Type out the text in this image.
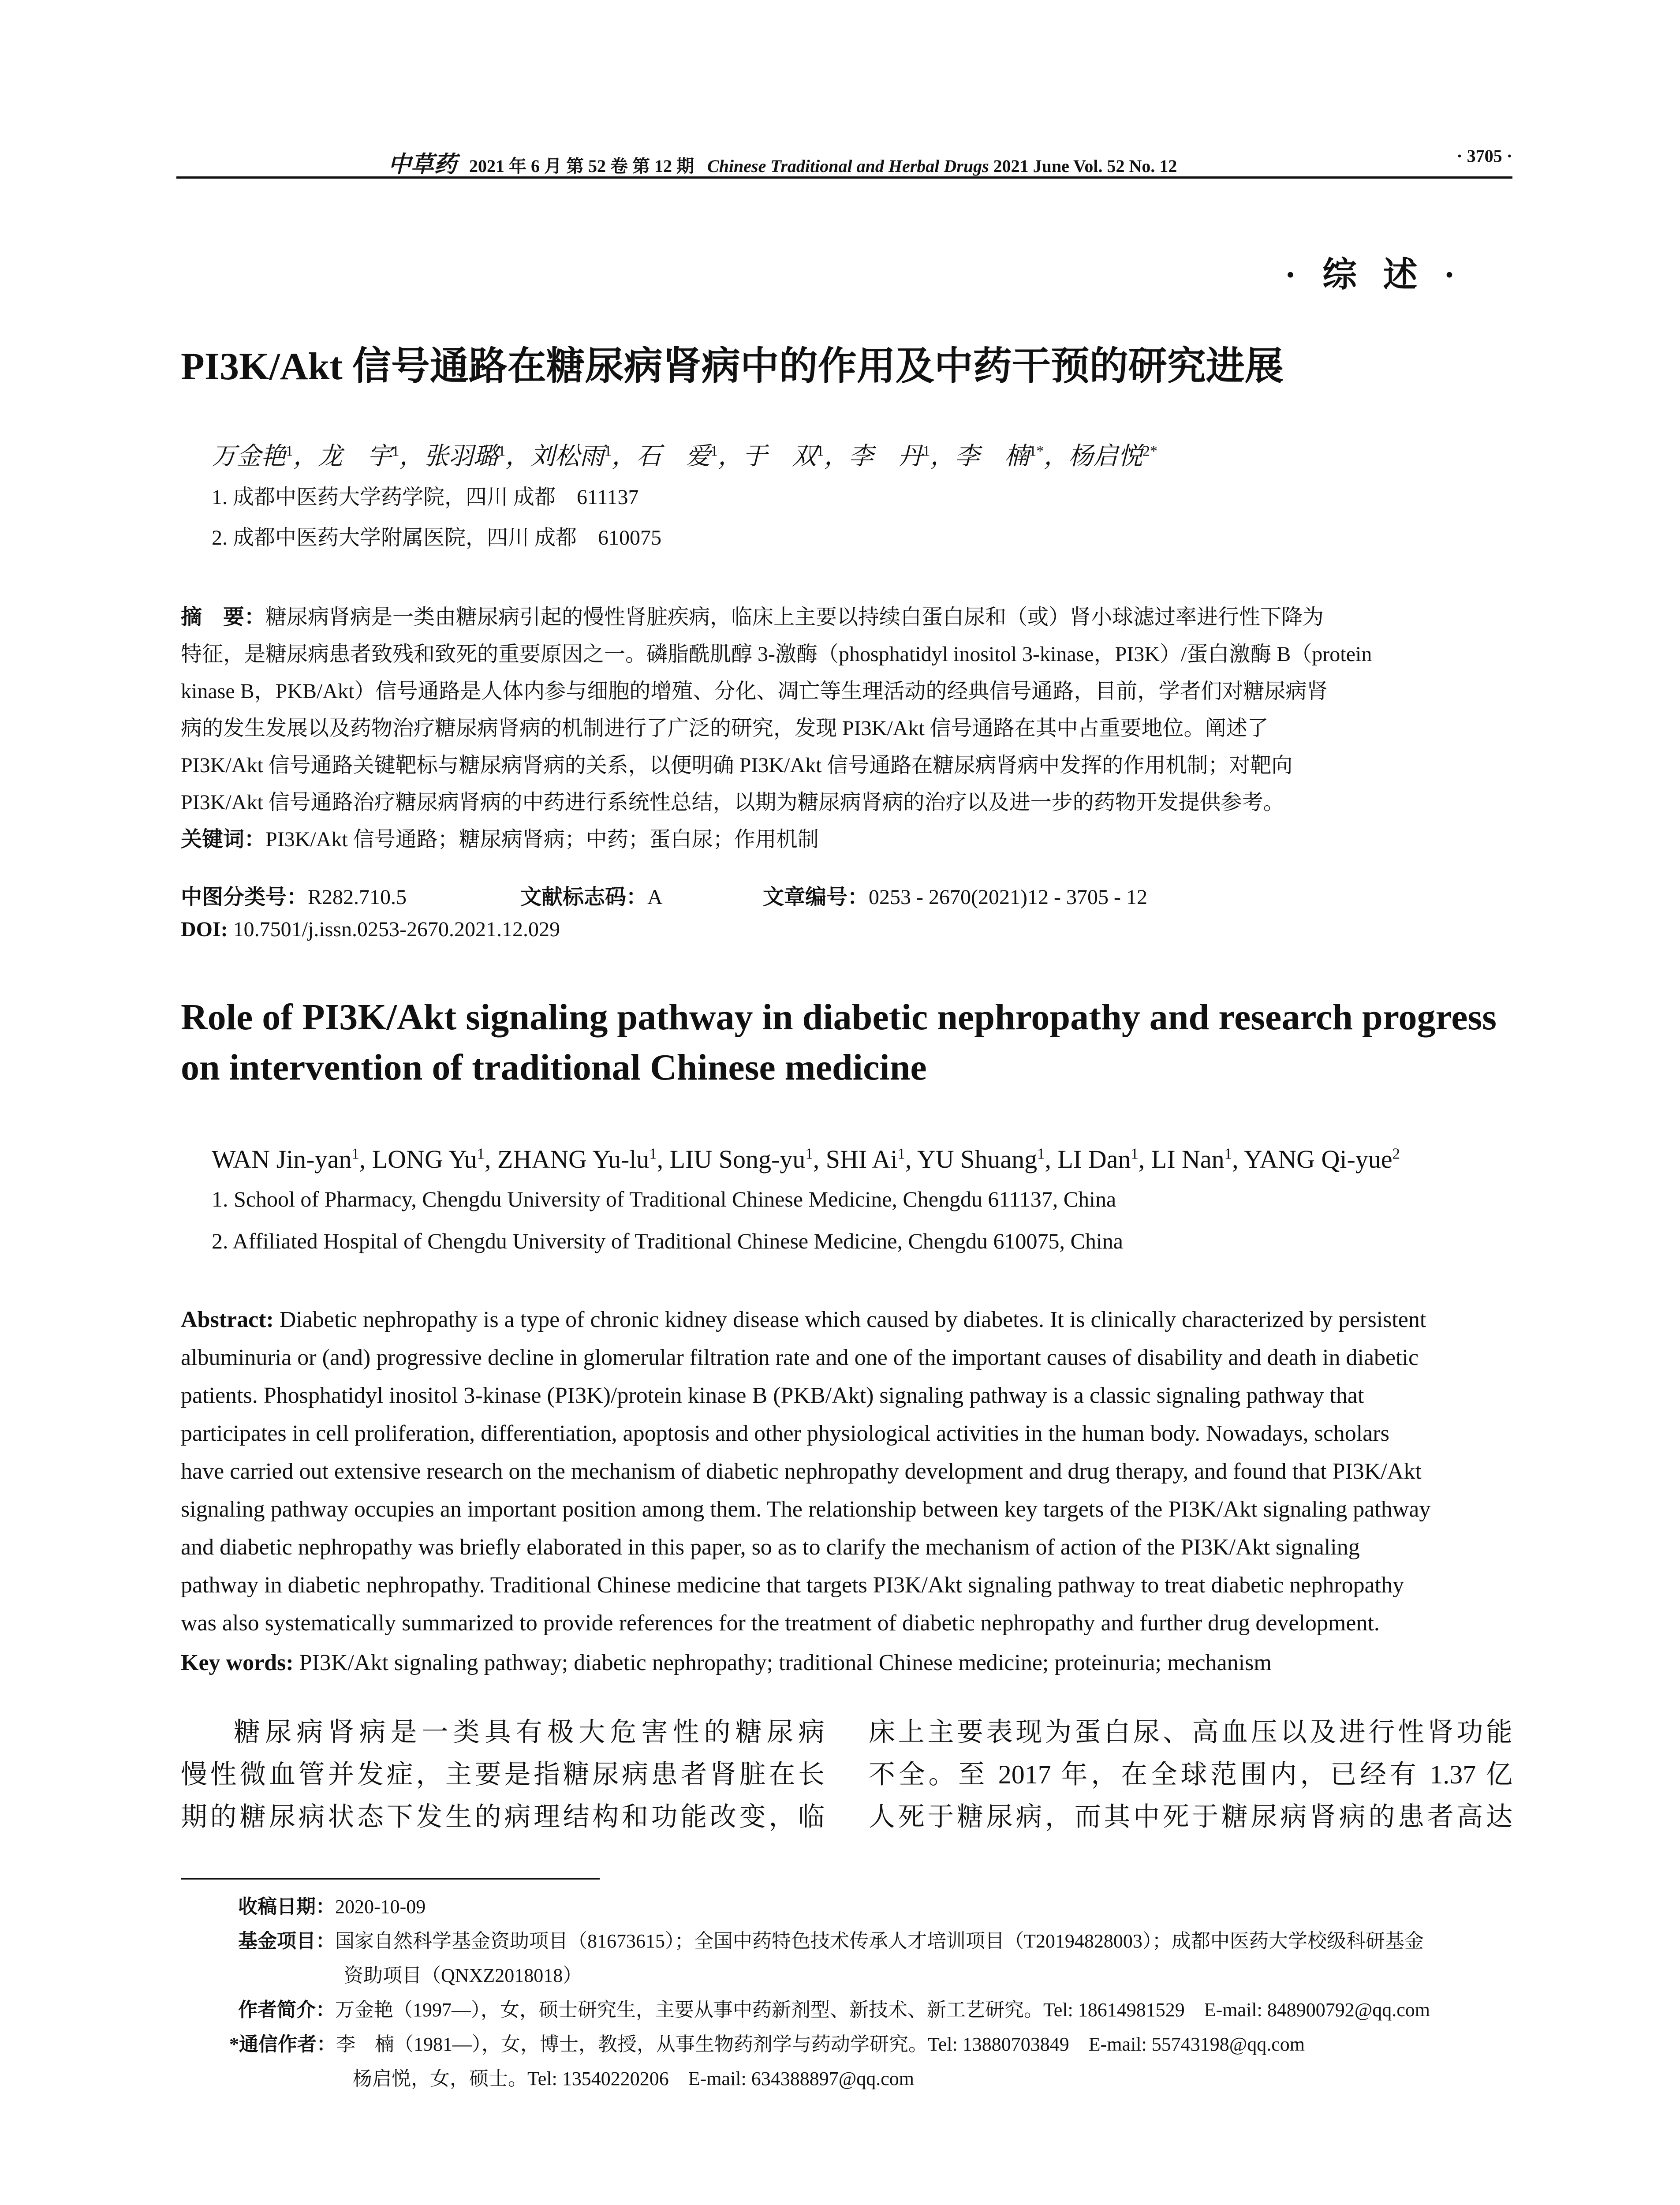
中草药 2021 年 6 月 第 52 卷 第 12 期 Chinese Traditional and Herbal Drugs 2021 June Vol. 52 No. 12
· 3705 ·
· 综 述 ·
PI3K/Akt 信号通路在糖尿病肾病中的作用及中药干预的研究进展
万金艳$^1$，龙　宇$^1$，张羽璐$^1$，刘松雨$^1$，石　爱$^1$，于　双$^1$，李　丹$^1$，李　楠$^{1*}$，杨启悦$^{2*}$
1. 成都中医药大学药学院，四川 成都　611137
2. 成都中医药大学附属医院，四川 成都　610075
摘　要：糖尿病肾病是一类由糖尿病引起的慢性肾脏疾病，临床上主要以持续白蛋白尿和（或）肾小球滤过率进行性下降为
特征，是糖尿病患者致残和致死的重要原因之一。磷脂酰肌醇 3-激酶（phosphatidyl inositol 3-kinase，PI3K）/蛋白激酶 B（protein
kinase B，PKB/Akt）信号通路是人体内参与细胞的增殖、分化、凋亡等生理活动的经典信号通路，目前，学者们对糖尿病肾
病的发生发展以及药物治疗糖尿病肾病的机制进行了广泛的研究，发现 PI3K/Akt 信号通路在其中占重要地位。阐述了
PI3K/Akt 信号通路关键靶标与糖尿病肾病的关系，以便明确 PI3K/Akt 信号通路在糖尿病肾病中发挥的作用机制；对靶向
PI3K/Akt 信号通路治疗糖尿病肾病的中药进行系统性总结，以期为糖尿病肾病的治疗以及进一步的药物开发提供参考。
关键词：PI3K/Akt 信号通路；糖尿病肾病；中药；蛋白尿；作用机制
中图分类号：R282.710.5	文献标志码：A	文章编号：0253 - 2670(2021)12 - 3705 - 12
DOI: 10.7501/j.issn.0253-2670.2021.12.029
Role of PI3K/Akt signaling pathway in diabetic nephropathy and research progress
on intervention of traditional Chinese medicine
WAN Jin-yan$^1$, LONG Yu$^1$, ZHANG $Yu-lu^1$, LIU Song-$yu^1$, SHI Ai$^1$, YU Shuang$^1$, LI Dan$^1$, LI Nan$^1$, YANG Qi-yue$^2$
1. School of Pharmacy, Chengdu University of Traditional Chinese Medicine, Chengdu 611137, China
2. Affiliated Hospital of Chengdu University of Traditional Chinese Medicine, Chengdu 610075, China
Abstract: Diabetic nephropathy is a type of chronic kidney disease which caused by diabetes. It is clinically characterized by persistent
albuminuria or (and) progressive decline in glomerular filtration rate and one of the important causes of disability and death in diabetic
patients. Phosphatidyl inositol 3-kinase (PI3K)/protein kinase B (PKB/Akt) signaling pathway is a classic signaling pathway that
participates in cell proliferation, differentiation, apoptosis and other physiological activities in the human body. Nowadays, scholars
have carried out extensive research on the mechanism of diabetic nephropathy development and drug therapy, and found that PI3K/Akt
signaling pathway occupies an important position among them. The relationship between key targets of the PI3K/Akt signaling pathway
and diabetic nephropathy was briefly elaborated in this paper, so as to clarify the mechanism of action of the PI3K/Akt signaling
pathway in diabetic nephropathy. Traditional Chinese medicine that targets PI3K/Akt signaling pathway to treat diabetic nephropathy
was also systematically summarized to provide references for the treatment of diabetic nephropathy and further drug development.
Key words: PI3K/Akt signaling pathway; diabetic nephropathy; traditional Chinese medicine; proteinuria; mechanism
糖尿病肾病是一类具有极大危害性的糖尿病
慢性微血管并发症，主要是指糖尿病患者肾脏在长
期的糖尿病状态下发生的病理结构和功能改变，临
床上主要表现为蛋白尿、高血压以及进行性肾功能
不全。至 2017 年，在全球范围内，已经有 1.37 亿
人死于糖尿病，而其中死于糖尿病肾病的患者高达
收稿日期：2020-10-09
基金项目：国家自然科学基金资助项目（81673615）；全国中药特色技术传承人才培训项目（T20194828003）；成都中医药大学校级科研基金
资助项目（QNXZ2018018）
作者简介：万金艳（1997—），女，硕士研究生，主要从事中药新剂型、新技术、新工艺研究。Tel: 18614981529　E-mail: 848900792@qq.com
*通信作者：李　楠（1981—），女，博士，教授，从事生物药剂学与药动学研究。Tel: 13880703849　E-mail: 55743198@qq.com
杨启悦，女，硕士。Tel: 13540220206　E-mail: 634388897@qq.com
